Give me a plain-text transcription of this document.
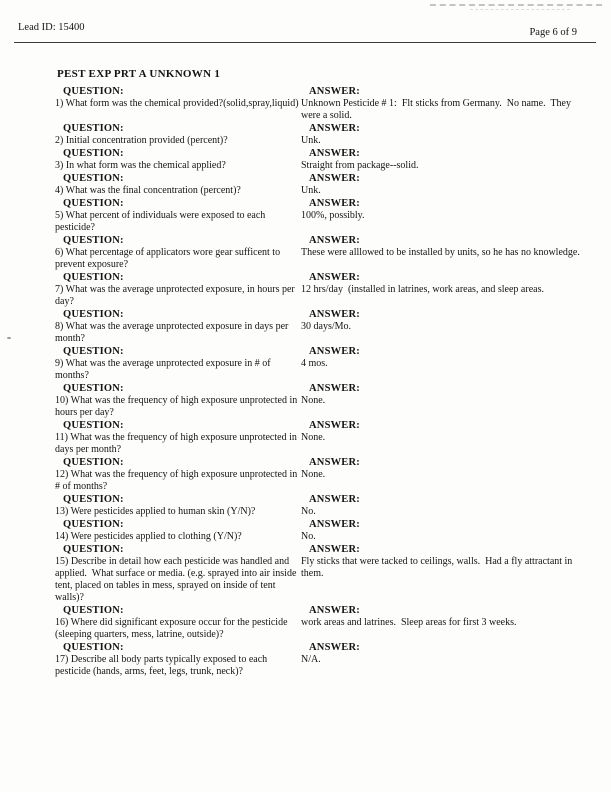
Lead ID: 15400	Page 6 of 9
PEST EXP PRT A UNKNOWN 1
QUESTION:
1) What form was the chemical provided?(solid,spray,liquid)
ANSWER:
Unknown Pesticide # 1:  Flt sticks from Germany.  No name.  They were a solid.
QUESTION:
2) Initial concentration provided (percent)?
ANSWER:
Unk.
QUESTION:
3) In what form was the chemical applied?
ANSWER:
Straight from package--solid.
QUESTION:
4) What was the final concentration (percent)?
ANSWER:
Unk.
QUESTION:
5) What percent of individuals were exposed to each pesticide?
ANSWER:
100%, possibly.
QUESTION:
6) What percentage of applicators wore gear sufficent to prevent exposure?
ANSWER:
These were alllowed to be installed by units, so he has no knowledge.
QUESTION:
7) What was the average unprotected exposure, in hours per day?
ANSWER:
12 hrs/day  (installed in latrines, work areas, and sleep areas.
QUESTION:
8) What was the average unprotected exposure in days per month?
ANSWER:
30 days/Mo.
QUESTION:
9) What was the average unprotected exposure in # of months?
ANSWER:
4 mos.
QUESTION:
10) What was the frequency of high exposure unprotected in hours per day?
ANSWER:
None.
QUESTION:
11) What was the frequency of high exposure unprotected in days per month?
ANSWER:
None.
QUESTION:
12) What was the frequency of high exposure unprotected in # of months?
ANSWER:
None.
QUESTION:
13) Were pesticides applied to human skin (Y/N)?
ANSWER:
No.
QUESTION:
14) Were pesticides applied to clothing (Y/N)?
ANSWER:
No.
QUESTION:
15) Describe in detail how each pesticide was handled and applied.  What surface or media. (e.g. sprayed into air inside tent, placed on tables in mess, sprayed on inside of tent walls)?
ANSWER:
Fly sticks that were tacked to ceilings, walls.  Had a fly attractant in them.
QUESTION:
16) Where did significant exposure occur for the pesticide (sleeping quarters, mess, latrine, outside)?
ANSWER:
work areas and latrines.  Sleep areas for first 3 weeks.
QUESTION:
17) Describe all body parts typically exposed to each pesticide (hands, arms, feet, legs, trunk, neck)?
ANSWER:
N/A.
